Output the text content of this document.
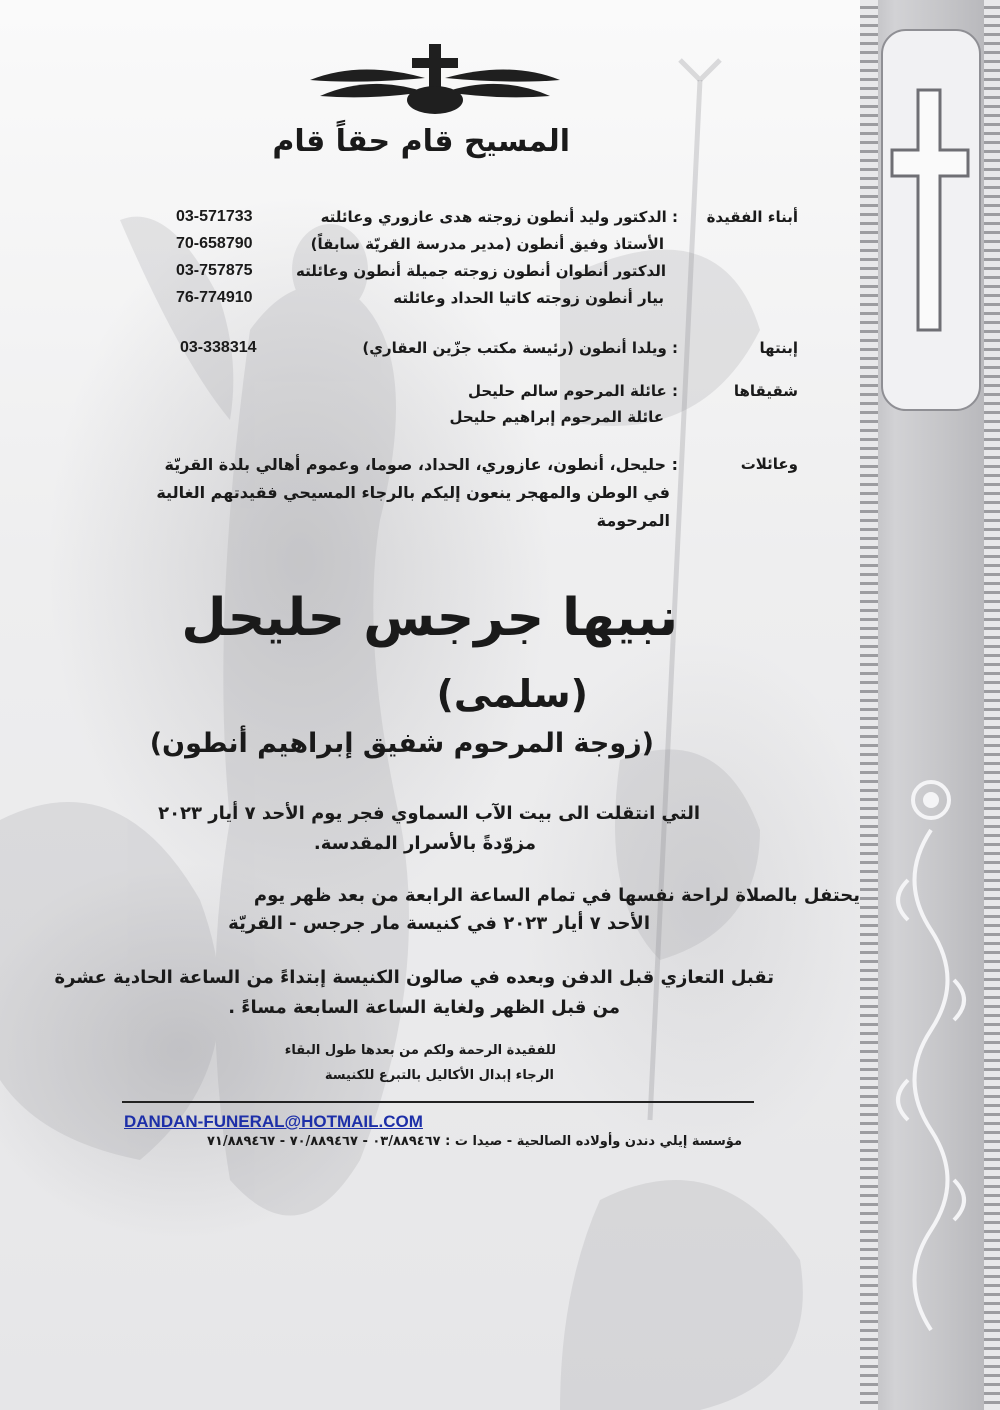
المسيح قام حقاً قام
أبناء الفقيدة
: الدكتور وليد أنطون زوجته هدى عازوري وعائلته
03-571733
الأستاذ وفيق أنطون (مدير مدرسة القريّة سابقاً)
70-658790
الدكتور أنطوان أنطون زوجته جميلة أنطون وعائلته
03-757875
بيار أنطون زوجته كاتيا الحداد وعائلته
76-774910
إبنتها
: ويلدا أنطون (رئيسة مكتب جزّين العقاري)
03-338314
شقيقاها
: عائلة المرحوم سالم حليحل
عائلة المرحوم إبراهيم حليحل
وعائلات
: حليحل، أنطون، عازوري، الحداد، صوما، وعموم أهالي بلدة القريّة
في الوطن والمهجر ينعون إليكم بالرجاء المسيحي فقيدتهم الغالية
المرحومة
نبيها جرجس حليحل
(سلمى)
(زوجة المرحوم شفيق إبراهيم أنطون)
التي انتقلت الى بيت الآب السماوي فجر يوم الأحد ٧ أيار ٢٠٢٣
مزوّدةً بالأسرار المقدسة.
يحتفل بالصلاة لراحة نفسها في تمام الساعة الرابعة من بعد ظهر يوم
الأحد ٧ أيار ٢٠٢٣ في كنيسة مار جرجس - القريّة
تقبل التعازي قبل الدفن وبعده في صالون الكنيسة إبتداءً من الساعة الحادية عشرة
من قبل الظهر ولغاية الساعة السابعة مساءً .
للفقيدة الرحمة ولكم من بعدها طول البقاء
الرجاء إبدال الأكاليل بالتبرع للكنيسة
DANDAN-FUNERAL@HOTMAIL.COM
مؤسسة إيلي دندن وأولاده الصالحية - صيدا ت : ٠٣/٨٨٩٤٦٧ - ٧٠/٨٨٩٤٦٧ - ٧١/٨٨٩٤٦٧
